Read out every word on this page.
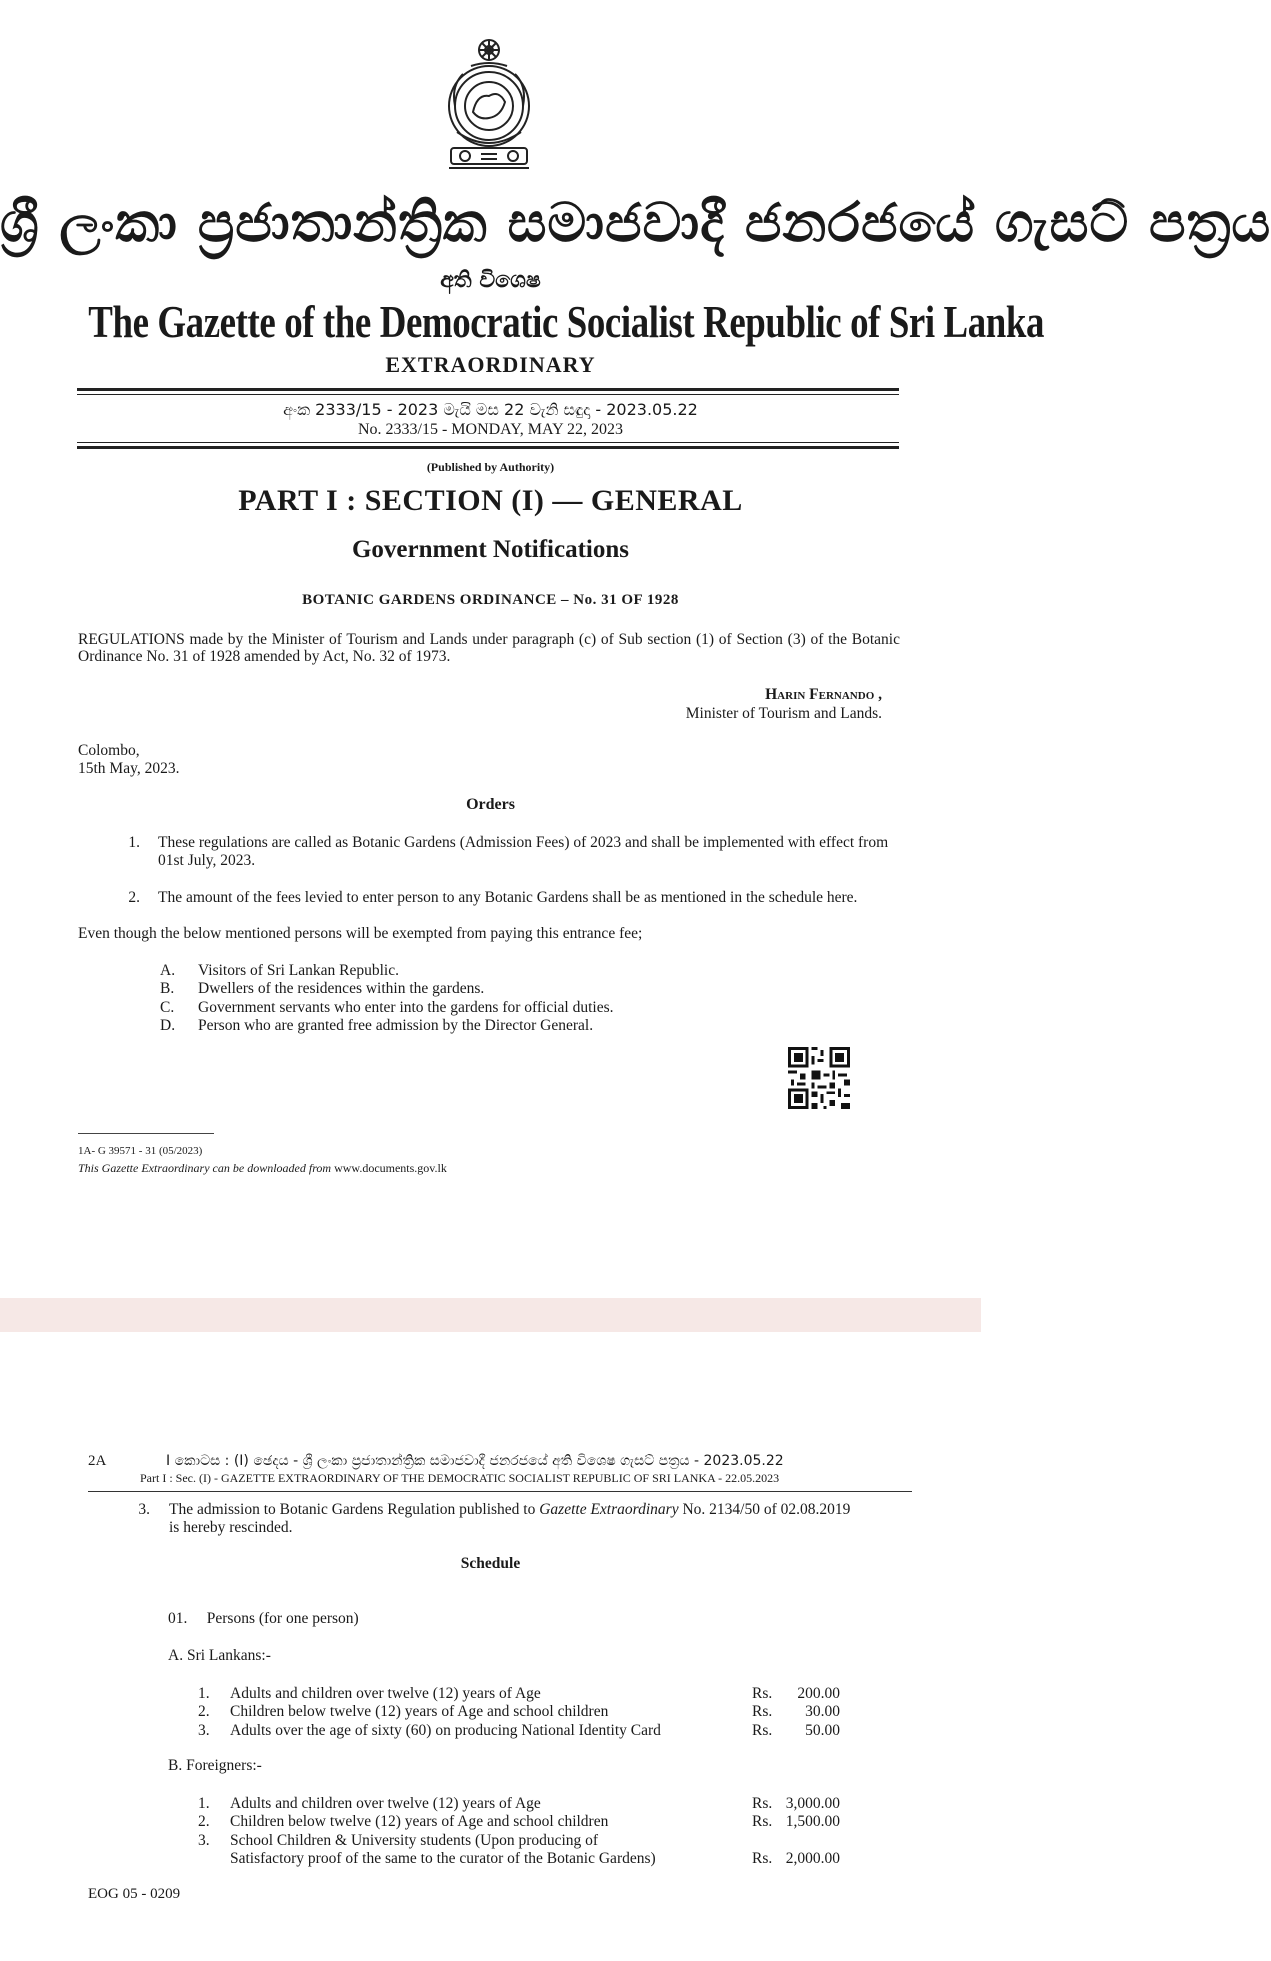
ශ්‍රී ලංකා ප්‍රජාතාන්ත්‍රික සමාජවාදී ජනරජයේ ගැසට් පත්‍රය
අති විශෙෂ
The Gazette of the Democratic Socialist Republic of Sri Lanka
EXTRAORDINARY
අංක 2333/15 - 2023 මැයි මස 22 වැනි සඳුදා - 2023.05.22
No. 2333/15 - MONDAY, MAY 22, 2023
(Published by Authority)
PART I : SECTION (I) — GENERAL
Government Notifications
BOTANIC GARDENS ORDINANCE – No. 31 OF 1928
REGULATIONS made by the Minister of Tourism and Lands under paragraph (c) of Sub section (1) of Section (3) of the Botanic Ordinance No. 31 of 1928 amended by Act, No. 32 of 1973.
Harin Fernando ,
Minister of Tourism and Lands.
Colombo,
15th May, 2023.
Orders
1. These regulations are called as Botanic Gardens (Admission Fees) of 2023 and shall be implemented with effect from 01st July, 2023.
2. The amount of the fees levied to enter person to any Botanic Gardens shall be as mentioned in the schedule here.
Even though the below mentioned persons will be exempted from paying this entrance fee;
A.	Visitors of Sri Lankan Republic.
B.	Dwellers of the residences within the gardens.
C.	Government servants who enter into the gardens for official duties.
D.	Person who are granted free admission by the Director General.
1A- G 39571 - 31 (05/2023)
This Gazette Extraordinary can be downloaded from www.documents.gov.lk
2A	I කොටස : (I) ඡෙදය - ශ්‍රී ලංකා ප්‍රජාතාන්ත්‍රික සමාජවාදී ජනරජයේ අති විශෙෂ ගැසට් පත්‍රය - 2023.05.22
Part I : Sec. (I) - GAZETTE EXTRAORDINARY OF THE DEMOCRATIC SOCIALIST REPUBLIC OF SRI LANKA - 22.05.2023
3. The admission to Botanic Gardens Regulation published to Gazette Extraordinary No. 2134/50 of 02.08.2019
is hereby rescinded.
Schedule
01.     Persons (for one person)
A. Sri Lankans:-
1. Adults and children over twelve (12) years of Age	Rs.	200.00
2. Children below twelve (12) years of Age and school children	Rs.	30.00
3. Adults over the age of sixty (60) on producing National Identity Card	Rs.	50.00
B. Foreigners:-
1. Adults and children over twelve (12) years of Age	Rs. 3,000.00
2. Children below twelve (12) years of Age and school children	Rs. 1,500.00
3. School Children & University students (Upon producing of
Satisfactory proof of the same to the curator of the Botanic Gardens)	Rs. 2,000.00
EOG 05 - 0209
